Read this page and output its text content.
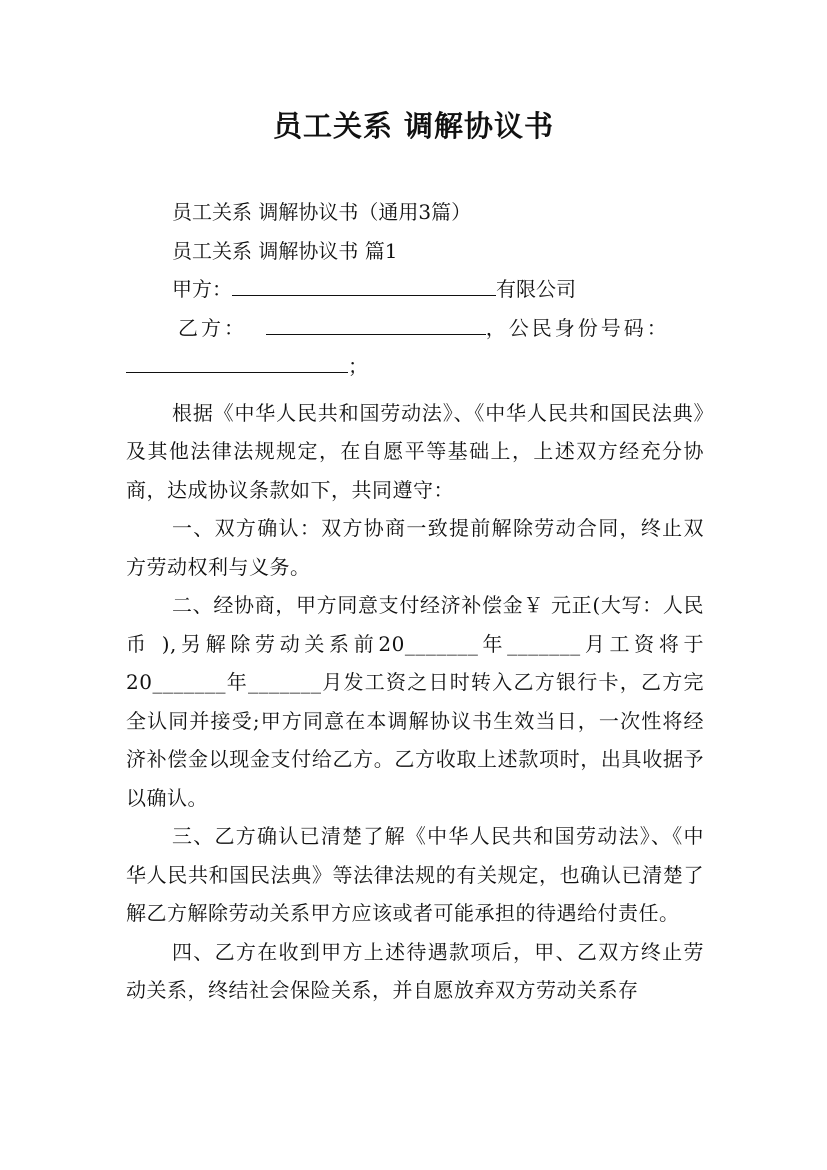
员工关系 调解协议书

员工关系 调解协议书（通用3篇）

员工关系 调解协议书 篇1

甲方：	有限公司

乙方：	，公民身份号码：

；

根据《中华人民共和国劳动法》、《中华人民共和国民法典》及其他法律法规规定，在自愿平等基础上，上述双方经充分协商，达成协议条款如下，共同遵守：

一、双方确认：双方协商一致提前解除劳动合同，终止双方劳动权利与义务。

二、经协商，甲方同意支付经济补偿金￥ 元正(大写：人民币 ),另解除劳动关系前20_______年_______月工资将于20_______年_______月发工资之日时转入乙方银行卡，乙方完全认同并接受;甲方同意在本调解协议书生效当日，一次性将经济补偿金以现金支付给乙方。乙方收取上述款项时，出具收据予以确认。

三、乙方确认已清楚了解《中华人民共和国劳动法》、《中华人民共和国民法典》等法律法规的有关规定，也确认已清楚了解乙方解除劳动关系甲方应该或者可能承担的待遇给付责任。

四、乙方在收到甲方上述待遇款项后，甲、乙双方终止劳动关系，终结社会保险关系，并自愿放弃双方劳动关系存
